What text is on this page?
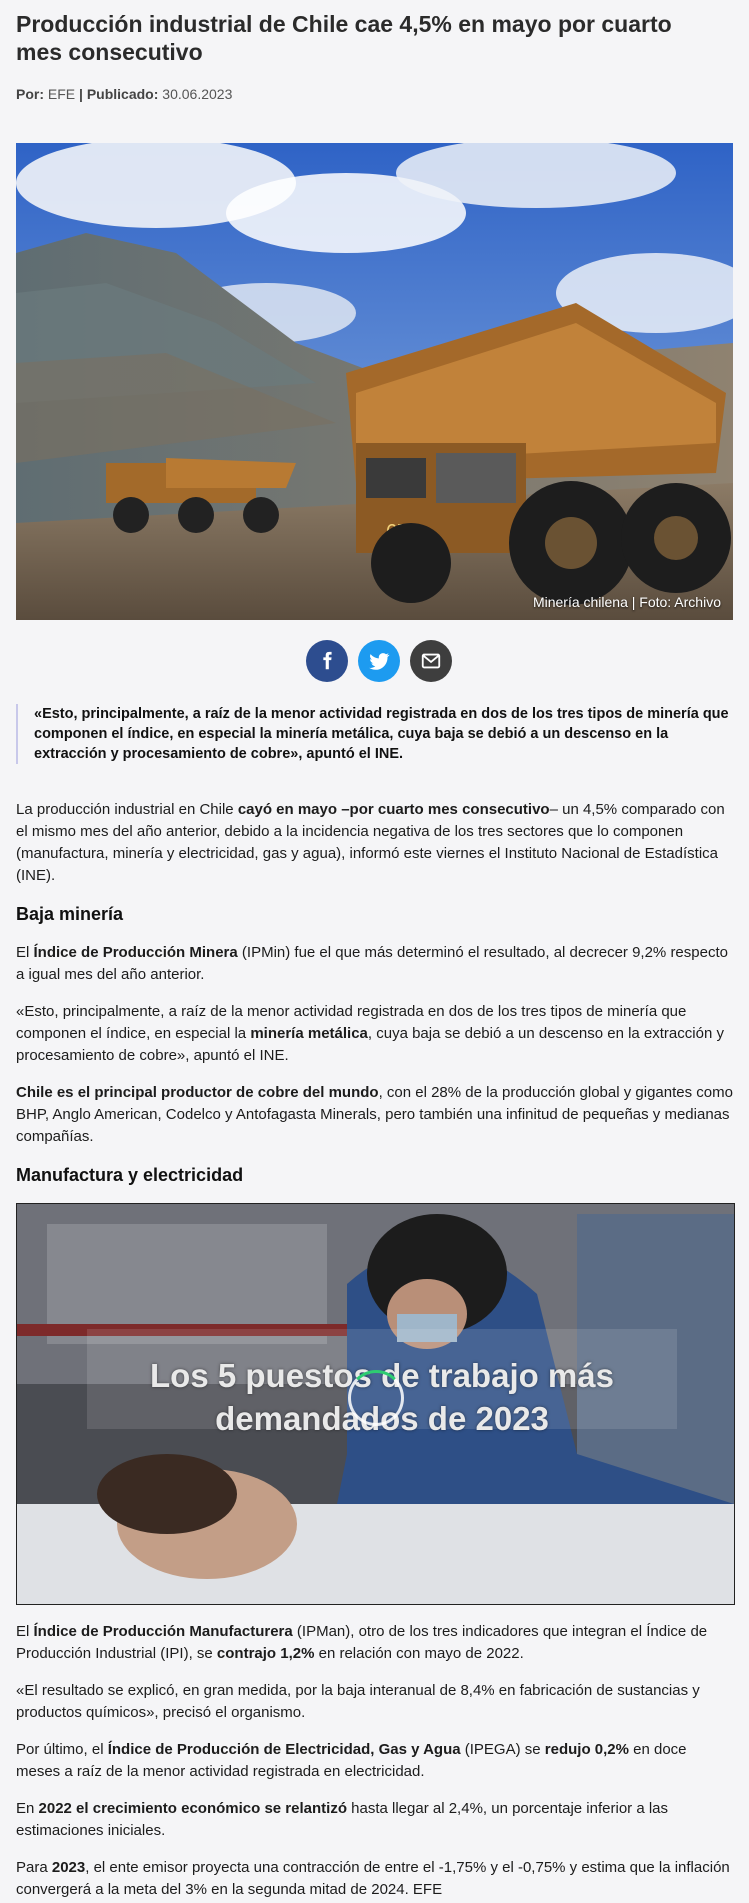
Producción industrial de Chile cae 4,5% en mayo por cuarto mes consecutivo
Por: EFE | Publicado: 30.06.2023
Minería chilena | Foto: Archivo
«Esto, principalmente, a raíz de la menor actividad registrada en dos de los tres tipos de minería que componen el índice, en especial la minería metálica, cuya baja se debió a un descenso en la extracción y procesamiento de cobre», apuntó el INE.

La producción industrial en Chile cayó en mayo –por cuarto mes consecutivo– un 4,5% comparado con el mismo mes del año anterior, debido a la incidencia negativa de los tres sectores que lo componen (manufactura, minería y electricidad, gas y agua), informó este viernes el Instituto Nacional de Estadística (INE).

Baja minería

El Índice de Producción Minera (IPMin) fue el que más determinó el resultado, al decrecer 9,2% respecto a igual mes del año anterior.

«Esto, principalmente, a raíz de la menor actividad registrada en dos de los tres tipos de minería que componen el índice, en especial la minería metálica, cuya baja se debió a un descenso en la extracción y procesamiento de cobre», apuntó el INE.

Chile es el principal productor de cobre del mundo, con el 28% de la producción global y gigantes como BHP, Anglo American, Codelco y Antofagasta Minerals, pero también una infinitud de pequeñas y medianas compañías.

Manufactura y electricidad
Los 5 puestos de trabajo más demandados de 2023

El Índice de Producción Manufacturera (IPMan), otro de los tres indicadores que integran el Índice de Producción Industrial (IPI), se contrajo 1,2% en relación con mayo de 2022.

«El resultado se explicó, en gran medida, por la baja interanual de 8,4% en fabricación de sustancias y productos químicos», precisó el organismo.

Por último, el Índice de Producción de Electricidad, Gas y Agua (IPEGA) se redujo 0,2% en doce meses a raíz de la menor actividad registrada en electricidad.

En 2022 el crecimiento económico se relantizó hasta llegar al 2,4%, un porcentaje inferior a las estimaciones iniciales.

Para 2023, el ente emisor proyecta una contracción de entre el -1,75% y el -0,75% y estima que la inflación convergerá a la meta del 3% en la segunda mitad de 2024. EFE
